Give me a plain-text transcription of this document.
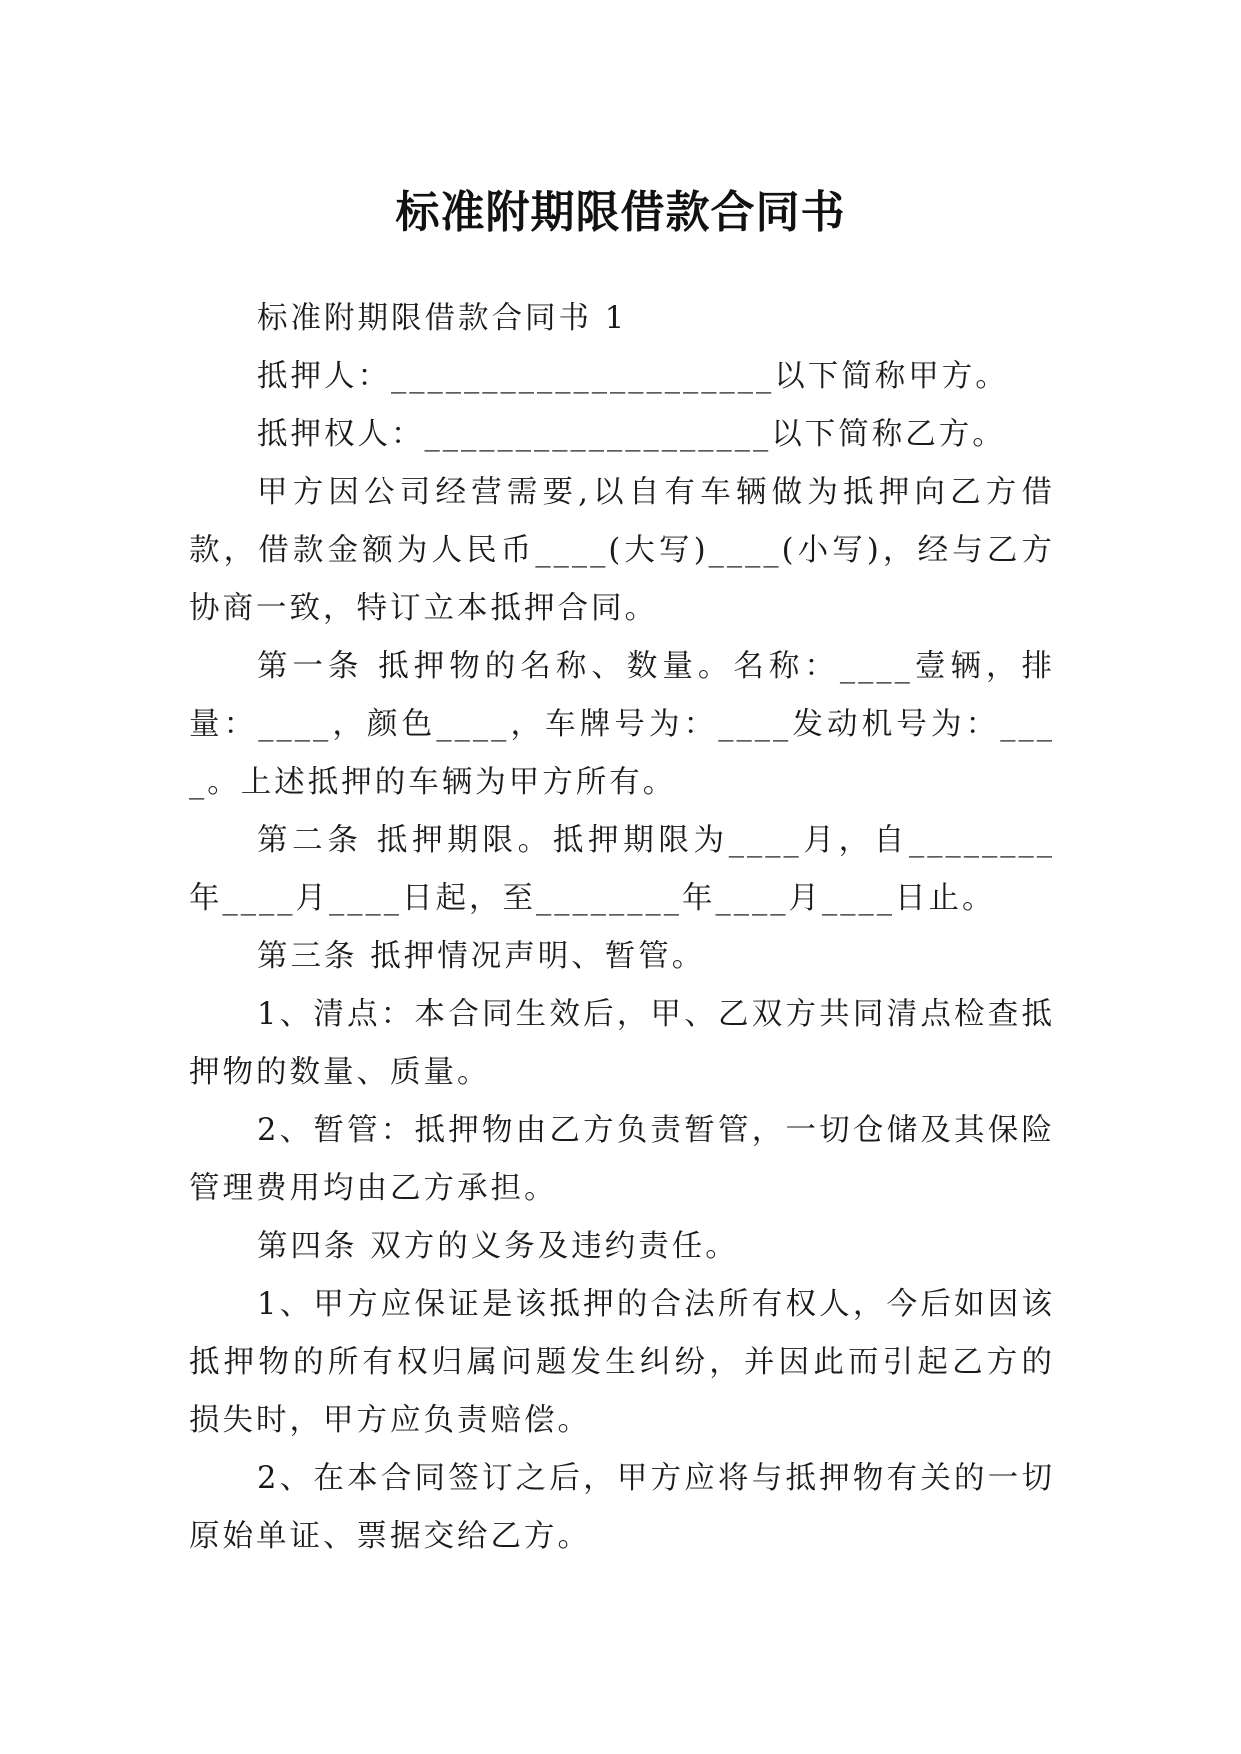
标准附期限借款合同书

标准附期限借款合同书 1

抵押人：_____________________以下简称甲方。

抵押权人：___________________以下简称乙方。

甲方因公司经营需要,以自有车辆做为抵押向乙方借款，借款金额为人民币____(大写)____(小写)，经与乙方协商一致，特订立本抵押合同。

第一条 抵押物的名称、数量。名称：____壹辆，排量：____，颜色____，车牌号为：____发动机号为：____。上述抵押的车辆为甲方所有。

第二条 抵押期限。抵押期限为____月，自________年____月____日起，至________年____月____日止。

第三条 抵押情况声明、暂管。

1、清点：本合同生效后，甲、乙双方共同清点检查抵押物的数量、质量。

2、暂管：抵押物由乙方负责暂管，一切仓储及其保险管理费用均由乙方承担。

第四条 双方的义务及违约责任。

1、甲方应保证是该抵押的合法所有权人，今后如因该抵押物的所有权归属问题发生纠纷，并因此而引起乙方的损失时，甲方应负责赔偿。

2、在本合同签订之后，甲方应将与抵押物有关的一切原始单证、票据交给乙方。
